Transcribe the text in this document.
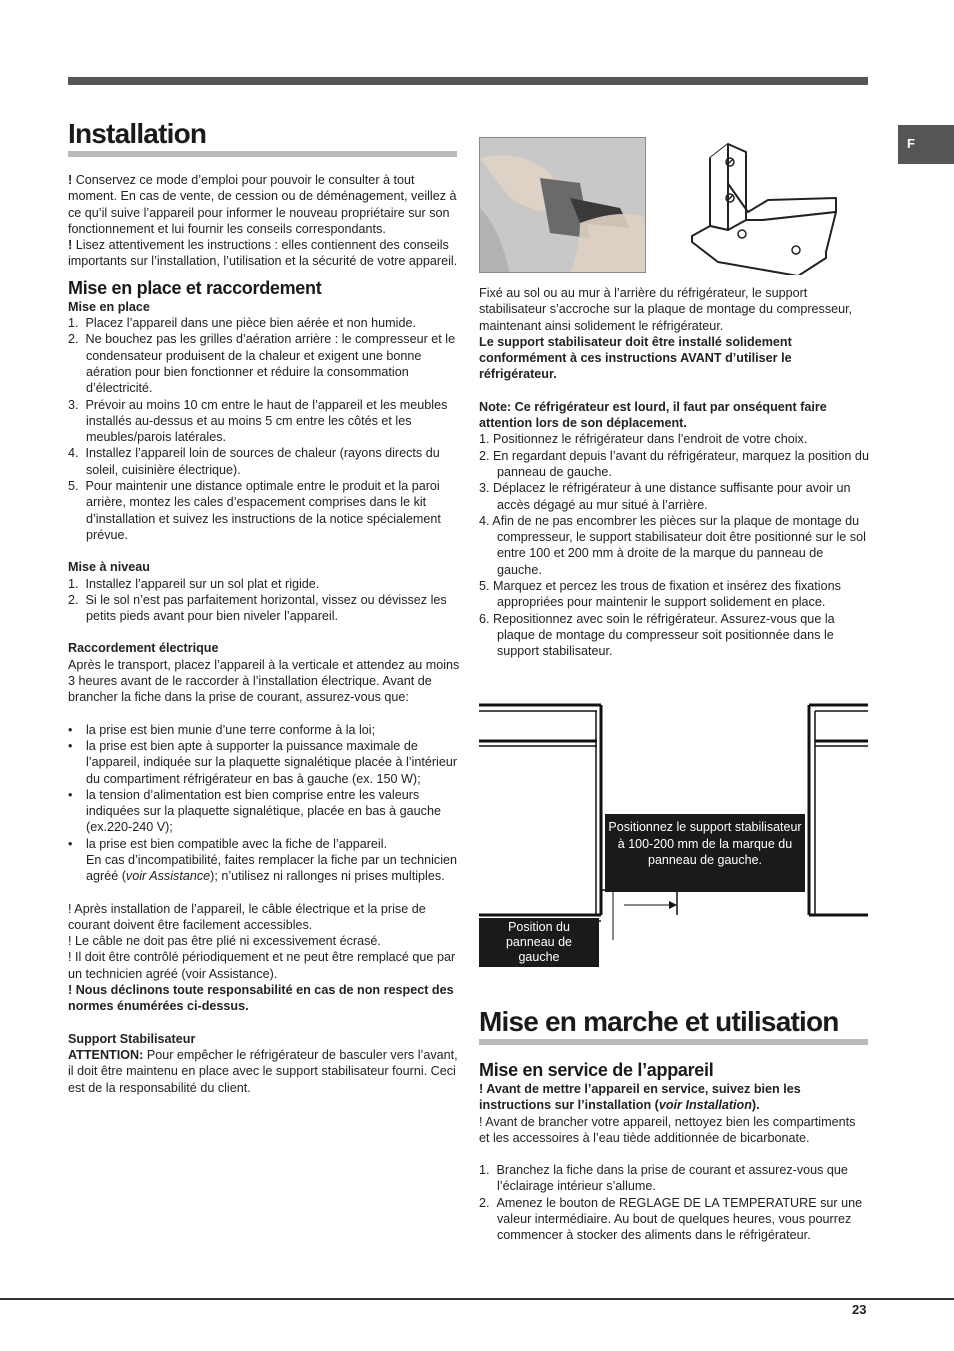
F
Installation

! Conservez ce mode d’emploi pour pouvoir le consulter à tout moment. En cas de vente, de cession ou de déménagement, veillez à ce qu’il suive l’appareil pour informer le nouveau propriétaire sur son fonctionnement et lui fournir les conseils correspondants.

! Lisez attentivement les instructions : elles contiennent des conseils importants sur l’installation, l’utilisation et la sécurité de votre appareil.

Mise en place et raccordement

Mise en place

1.  Placez l’appareil dans une pièce bien aérée et non humide.
2.  Ne bouchez pas les grilles d’aération arrière : le compresseur et le condensateur produisent de la chaleur et exigent une bonne aération pour bien fonctionner et réduire la consommation d’électricité.
3.  Prévoir au moins 10 cm entre le haut de l’appareil et les meubles installés au-dessus et au moins 5 cm entre les côtés et les meubles/parois latérales.
4.  Installez l’appareil loin de sources de chaleur (rayons directs du soleil, cuisinière électrique).
5.  Pour maintenir une distance optimale entre le produit et la paroi arrière, montez les cales d’espacement comprises dans le kit d’installation et suivez les instructions de la notice spécialement prévue.

Mise à niveau

1.  Installez l’appareil sur un sol plat et rigide.
2.  Si le sol n’est pas parfaitement horizontal, vissez ou dévissez les petits pieds avant pour bien niveler l’appareil.

Raccordement électrique

Après le transport, placez l’appareil à la verticale et attendez au moins 3 heures avant de le raccorder à l’installation électrique. Avant de brancher la fiche dans la prise de courant, assurez-vous que:

• la prise est bien munie d’une terre conforme à la loi;
• la prise est bien apte à supporter la puissance maximale de l’appareil, indiquée sur la plaquette signalétique placée à l’intérieur du compartiment réfrigérateur en bas à gauche (ex. 150 W);
• la tension d’alimentation est bien comprise entre les valeurs indiquées sur la plaquette signalétique, placée en bas à gauche (ex.220-240 V);
• la prise est bien compatible avec la fiche de l’appareil.
En cas d’incompatibilité, faites remplacer la fiche par un technicien agréé (voir Assistance); n’utilisez ni rallonges ni prises multiples.

! Après installation de l’appareil, le câble électrique et la prise de courant doivent être facilement accessibles.

! Le câble ne doit pas être plié ni excessivement écrasé.

! Il doit être contrôlé périodiquement et ne peut être remplacé que par un technicien agréé (voir Assistance).

! Nous déclinons toute responsabilité en cas de non respect des normes énumérées ci-dessus.

Support Stabilisateur

ATTENTION: Pour empêcher le réfrigérateur de basculer vers l’avant, il doit être maintenu en place avec le support stabilisateur fourni. Ceci est de la responsabilité du client.

Fixé au sol ou au mur à l’arrière du réfrigérateur, le support stabilisateur s’accroche sur la plaque de montage du compresseur, maintenant ainsi solidement le réfrigérateur.

Le support stabilisateur doit être installé solidement conformément à ces instructions AVANT d’utiliser le réfrigérateur.

Note: Ce réfrigérateur est lourd, il faut par onséquent faire attention lors de son déplacement.

1. Positionnez le réfrigérateur dans l’endroit de votre choix.
2. En regardant depuis l’avant du réfrigérateur, marquez la position du panneau de gauche.
3. Déplacez le réfrigérateur à une distance suffisante pour avoir un accès dégagé au mur situé à l’arrière.
4. Afin de ne pas encombrer les pièces sur la plaque de montage du compresseur, le support stabilisateur doit être positionné sur le sol entre 100 et 200 mm à droite de la marque du panneau de gauche.
5. Marquez et percez les trous de fixation et insérez des fixations appropriées pour maintenir le support solidement en place.
6. Repositionnez avec soin le réfrigérateur. Assurez-vous que la plaque de montage du compresseur soit positionnée dans le support stabilisateur.
Positionnez le support stabilisateur à 100-200 mm de la marque du panneau de gauche.
Position du panneau de gauche
Mise en marche et utilisation

Mise en service de l’appareil

! Avant de mettre l’appareil en service, suivez bien les instructions sur l’installation (voir Installation).

! Avant de brancher votre appareil, nettoyez bien les compartiments et les accessoires à l’eau tiède additionnée de bicarbonate.

1.  Branchez la fiche dans la prise de courant et assurez-vous que l’éclairage intérieur s’allume.
2.  Amenez le bouton de REGLAGE DE LA TEMPERATURE sur une valeur intermédiaire. Au bout de quelques heures, vous pourrez commencer à stocker des aliments dans le réfrigérateur.
23
